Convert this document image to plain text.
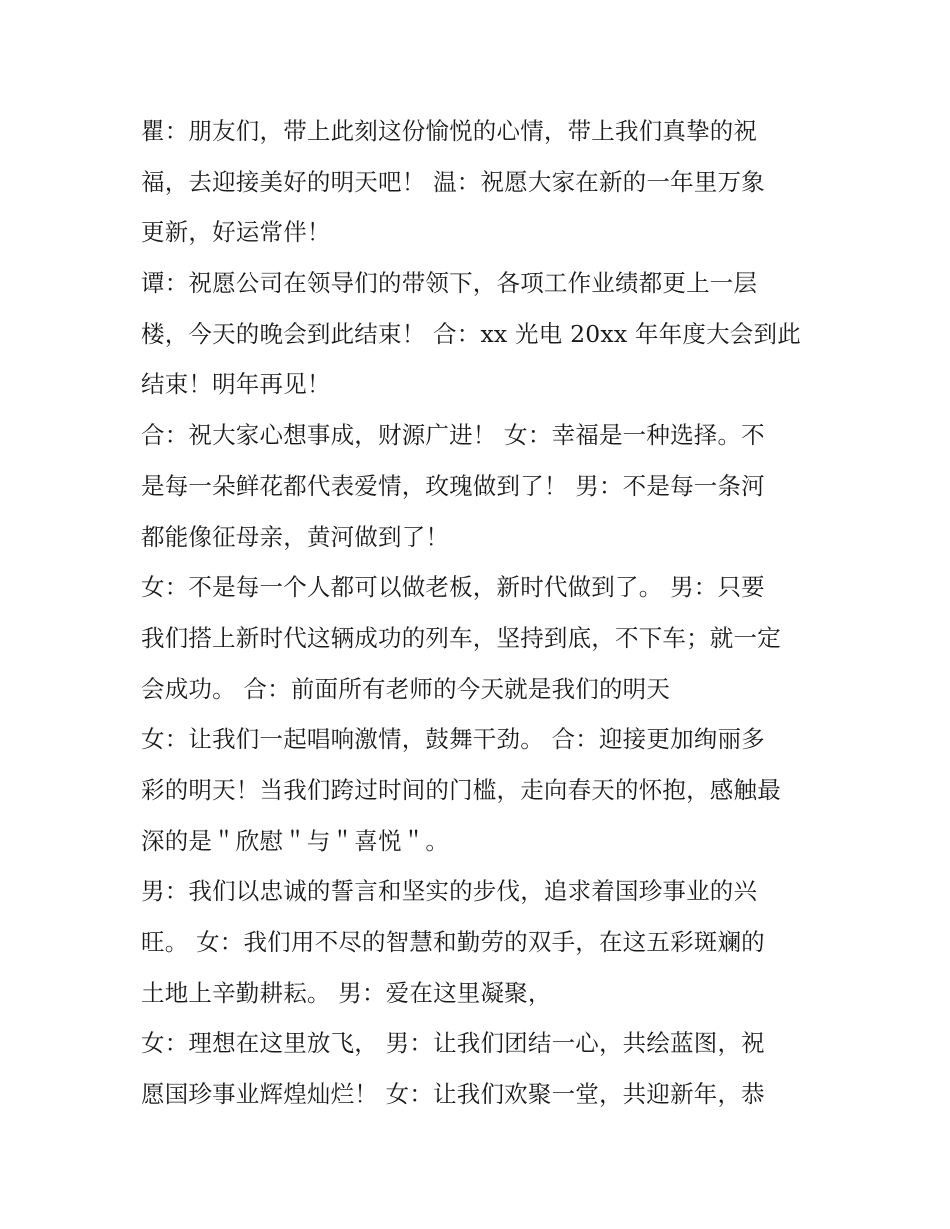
瞿：朋友们，带上此刻这份愉悦的心情，带上我们真挚的祝
福，去迎接美好的明天吧！ 温：祝愿大家在新的一年里万象
更新，好运常伴！
谭：祝愿公司在领导们的带领下，各项工作业绩都更上一层
楼，今天的晚会到此结束！ 合：xx 光电 20xx 年年度大会到此
结束！明年再见！
合：祝大家心想事成，财源广进！ 女：幸福是一种选择。不
是每一朵鲜花都代表爱情，玫瑰做到了！ 男：不是每一条河
都能像征母亲，黄河做到了！
女：不是每一个人都可以做老板，新时代做到了。 男：只要
我们搭上新时代这辆成功的列车，坚持到底，不下车；就一定
会成功。 合：前面所有老师的今天就是我们的明天
女：让我们一起唱响激情，鼓舞干劲。 合：迎接更加绚丽多
彩的明天！当我们跨过时间的门槛，走向春天的怀抱，感触最
深的是＂欣慰＂与＂喜悦＂。
男：我们以忠诚的誓言和坚实的步伐，追求着国珍事业的兴
旺。 女：我们用不尽的智慧和勤劳的双手，在这五彩斑斓的
土地上辛勤耕耘。 男：爱在这里凝聚，
女：理想在这里放飞， 男：让我们团结一心，共绘蓝图，祝
愿国珍事业辉煌灿烂！ 女：让我们欢聚一堂，共迎新年，恭
